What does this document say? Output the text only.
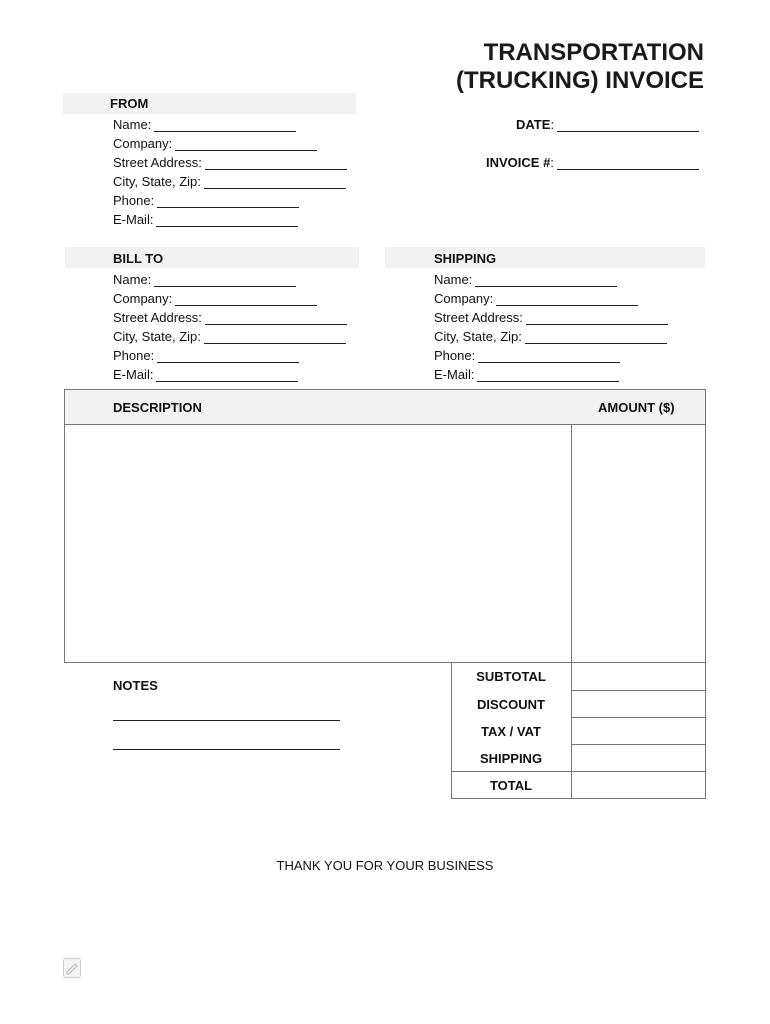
TRANSPORTATION
(TRUCKING) INVOICE
FROM
Name:
Company:
Street Address:
City, State, Zip:
Phone:
E-Mail:
DATE :
INVOICE # :
BILL TO
Name:
Company:
Street Address:
City, State, Zip:
Phone:
E-Mail:
SHIPPING
Name:
Company:
Street Address:
City, State, Zip:
Phone:
E-Mail:
DESCRIPTION	AMOUNT ($)
SUBTOTAL
DISCOUNT
TAX / VAT
SHIPPING
TOTAL
NOTES
THANK YOU FOR YOUR BUSINESS
